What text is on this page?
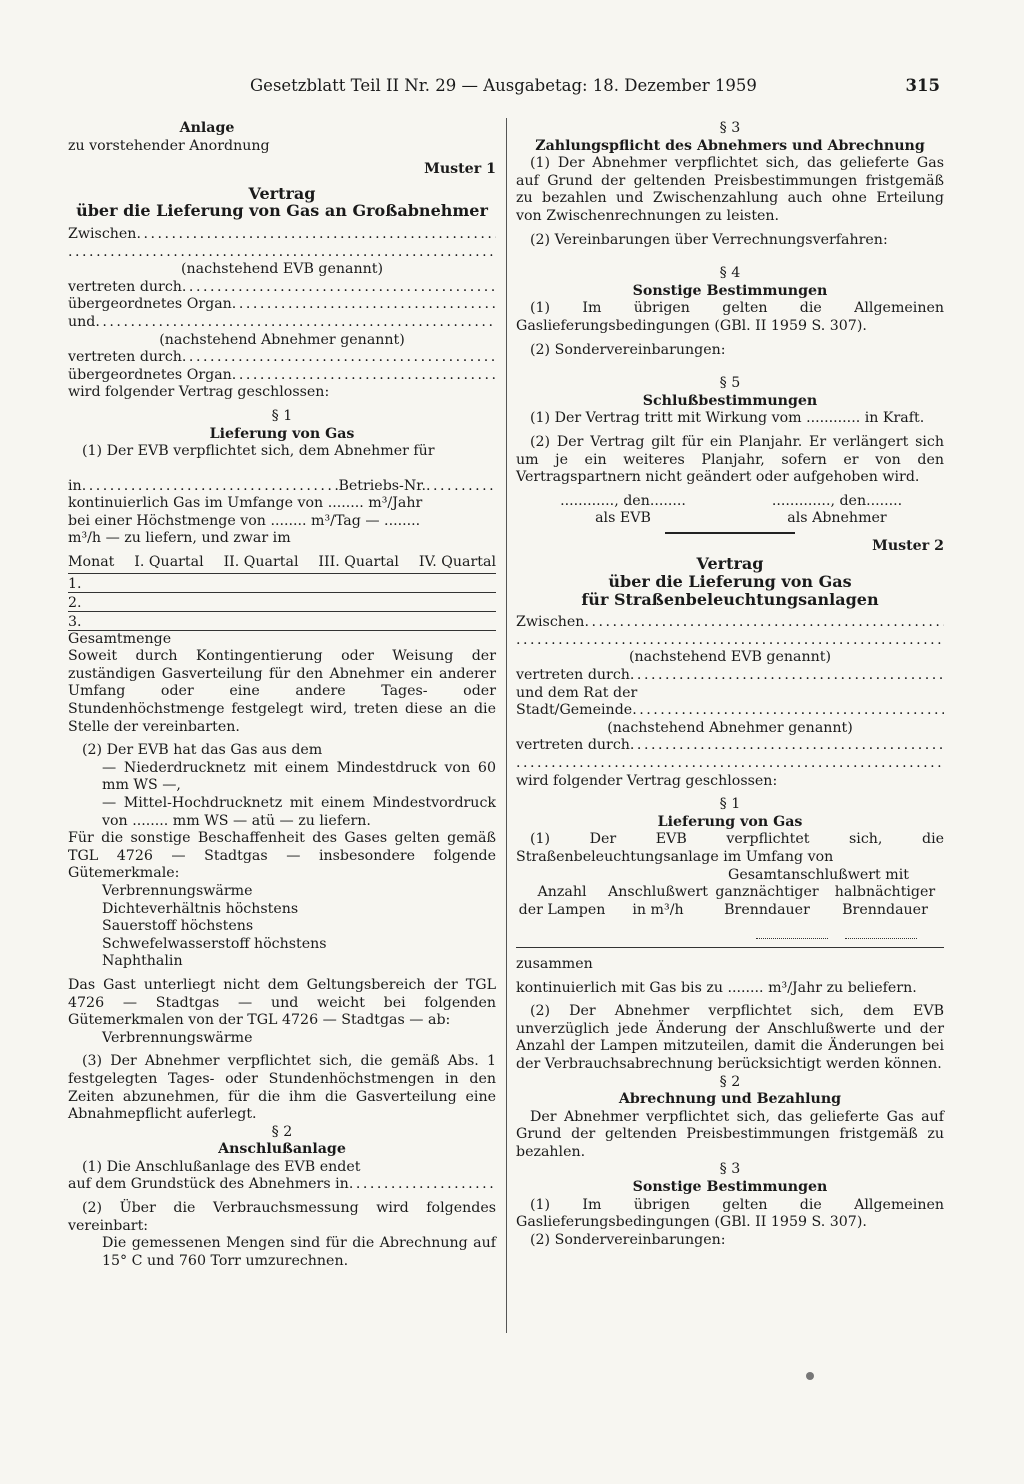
Gesetzblatt Teil II Nr. 29 — Ausgabetag: 18. Dezember 1959	315
Anlage
zu vorstehender Anordnung
Muster 1
Vertrag
über die Lieferung von Gas an Großabnehmer
Zwischen
. . .
. . .
(nachstehend EVB genannt)
vertreten durch
. . .
übergeordnetes Organ
. . .
und
. . .
(nachstehend Abnehmer genannt)
vertreten durch
. . .
übergeordnetes Organ
. . .
wird folgender Vertrag geschlossen:
§ 1
Lieferung von Gas
(1) Der EVB verpflichtet sich, dem Abnehmer für
in
. . .	Betriebs-Nr.
. . .
kontinuierlich Gas im Umfange von ........ m³/Jahr
bei einer Höchstmenge von ........ m³/Tag — ........
m³/h — zu liefern, und zwar im
Monat I. Quartal II. Quartal III. Quartal IV. Quartal
1.
2.
3.
Gesamtmenge
Soweit durch Kontingentierung oder Weisung der zuständigen Gasverteilung für den Abnehmer ein anderer Umfang oder eine andere Tages- oder Stundenhöchstmenge festgelegt wird, treten diese an die Stelle der vereinbarten.
(2) Der EVB hat das Gas aus dem
— Niederdrucknetz mit einem Mindestdruck von 60 mm WS —,
— Mittel-Hochdrucknetz mit einem Mindestvordruck von ........ mm WS — atü — zu liefern.
Für die sonstige Beschaffenheit des Gases gelten gemäß TGL 4726 — Stadtgas — insbesondere folgende Gütemerkmale:
Verbrennungswärme
Dichteverhältnis höchstens
Sauerstoff höchstens
Schwefelwasserstoff höchstens
Naphthalin
Das Gast unterliegt nicht dem Geltungsbereich der TGL 4726 — Stadtgas — und weicht bei folgenden Gütemerkmalen von der TGL 4726 — Stadtgas — ab:
Verbrennungswärme
(3) Der Abnehmer verpflichtet sich, die gemäß Abs. 1 festgelegten Tages- oder Stundenhöchstmengen in den Zeiten abzunehmen, für die ihm die Gasverteilung eine Abnahmepflicht auferlegt.
§ 2
Anschlußanlage
(1) Die Anschlußanlage des EVB endet
auf dem Grundstück des Abnehmers in
. . .
(2) Über die Verbrauchsmessung wird folgendes vereinbart:
Die gemessenen Mengen sind für die Abrechnung auf 15° C und 760 Torr umzurechnen.
§ 3
Zahlungspflicht des Abnehmers und Abrechnung
(1) Der Abnehmer verpflichtet sich, das gelieferte Gas auf Grund der geltenden Preisbestimmungen fristgemäß zu bezahlen und Zwischenzahlung auch ohne Erteilung von Zwischenrechnungen zu leisten.
(2) Vereinbarungen über Verrechnungsverfahren:
§ 4
Sonstige Bestimmungen
(1) Im übrigen gelten die Allgemeinen Gaslieferungsbedingungen (GBl. II 1959 S. 307).
(2) Sondervereinbarungen:
§ 5
Schlußbestimmungen
(1) Der Vertrag tritt mit Wirkung vom ............ in Kraft.
(2) Der Vertrag gilt für ein Planjahr. Er verlängert sich um je ein weiteres Planjahr, sofern er von den Vertragspartnern nicht geändert oder aufgehoben wird.
............, den........	............., den........
als EVB	als Abnehmer
Muster 2
Vertrag
über die Lieferung von Gas
für Straßenbeleuchtungsanlagen
Zwischen
. . .
. . .
(nachstehend EVB genannt)
vertreten durch
. . .
und dem Rat der
Stadt/Gemeinde
. . .
(nachstehend Abnehmer genannt)
vertreten durch
. . .
. . .
wird folgender Vertrag geschlossen:
§ 1
Lieferung von Gas
(1) Der EVB verpflichtet sich, die Straßenbeleuchtungsanlage im Umfang von
Gesamtanschlußwert mit
Anzahl	Anschlußwert ganznächtiger	halbnächtiger
der Lampen	in m³/h	Brenndauer	Brenndauer

zusammen
kontinuierlich mit Gas bis zu ........ m³/Jahr zu beliefern.
(2) Der Abnehmer verpflichtet sich, dem EVB unverzüglich jede Änderung der Anschlußwerte und der Anzahl der Lampen mitzuteilen, damit die Änderungen bei der Verbrauchsabrechnung berücksichtigt werden können.
§ 2
Abrechnung und Bezahlung
Der Abnehmer verpflichtet sich, das gelieferte Gas auf Grund der geltenden Preisbestimmungen fristgemäß zu bezahlen.
§ 3
Sonstige Bestimmungen
(1) Im übrigen gelten die Allgemeinen Gaslieferungsbedingungen (GBl. II 1959 S. 307).
(2) Sondervereinbarungen:
